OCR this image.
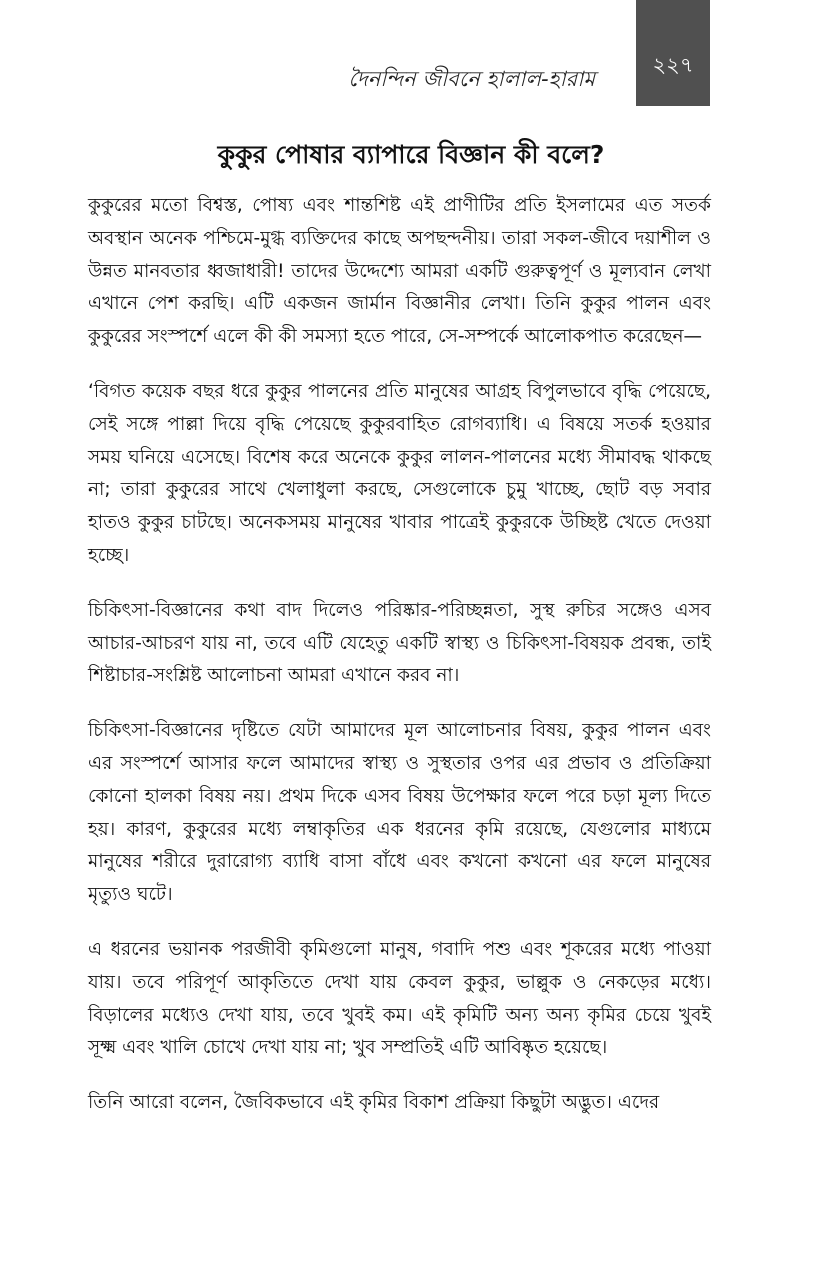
দৈনন্দিন জীবনে হালাল-হারাম
২২৭
কুকুর পোষার ব্যাপারে বিজ্ঞান কী বলে?

কুকুরের মতো বিশ্বস্ত, পোষ্য এবং শান্তশিষ্ট এই প্রাণীটির প্রতি ইসলামের এত সতর্ক অবস্থান অনেক পশ্চিমে-মুগ্ধ ব্যক্তিদের কাছে অপছন্দনীয়। তারা সকল-জীবে দয়াশীল ও উন্নত মানবতার ধ্বজাধারী! তাদের উদ্দেশ্যে আমরা একটি গুরুত্বপূর্ণ ও মূল্যবান লেখা এখানে পেশ করছি। এটি একজন জার্মান বিজ্ঞানীর লেখা। তিনি কুকুর পালন এবং কুকুরের সংস্পর্শে এলে কী কী সমস্যা হতে পারে, সে-সম্পর্কে আলোকপাত করেছেন—

‘বিগত কয়েক বছর ধরে কুকুর পালনের প্রতি মানুষের আগ্রহ বিপুলভাবে বৃদ্ধি পেয়েছে, সেই সঙ্গে পাল্লা দিয়ে বৃদ্ধি পেয়েছে কুকুরবাহিত রোগব্যাধি। এ বিষয়ে সতর্ক হওয়ার সময় ঘনিয়ে এসেছে। বিশেষ করে অনেকে কুকুর লালন-পালনের মধ্যে সীমাবদ্ধ থাকছে না; তারা কুকুরের সাথে খেলাধুলা করছে, সেগুলোকে চুমু খাচ্ছে, ছোট বড় সবার হাতও কুকুর চাটছে। অনেকসময় মানুষের খাবার পাত্রেই কুকুরকে উচ্ছিষ্ট খেতে দেওয়া হচ্ছে।

চিকিৎসা-বিজ্ঞানের কথা বাদ দিলেও পরিষ্কার-পরিচ্ছন্নতা, সুস্থ রুচির সঙ্গেও এসব আচার-আচরণ যায় না, তবে এটি যেহেতু একটি স্বাস্থ্য ও চিকিৎসা-বিষয়ক প্রবন্ধ, তাই শিষ্টাচার-সংশ্লিষ্ট আলোচনা আমরা এখানে করব না।

চিকিৎসা-বিজ্ঞানের দৃষ্টিতে যেটা আমাদের মূল আলোচনার বিষয়, কুকুর পালন এবং এর সংস্পর্শে আসার ফলে আমাদের স্বাস্থ্য ও সুস্থতার ওপর এর প্রভাব ও প্রতিক্রিয়া কোনো হালকা বিষয় নয়। প্রথম দিকে এসব বিষয় উপেক্ষার ফলে পরে চড়া মূল্য দিতে হয়। কারণ, কুকুরের মধ্যে লম্বাকৃতির এক ধরনের কৃমি রয়েছে, যেগুলোর মাধ্যমে মানুষের শরীরে দুরারোগ্য ব্যাধি বাসা বাঁধে এবং কখনো কখনো এর ফলে মানুষের মৃত্যুও ঘটে।

এ ধরনের ভয়ানক পরজীবী কৃমিগুলো মানুষ, গবাদি পশু এবং শূকরের মধ্যে পাওয়া যায়। তবে পরিপূর্ণ আকৃতিতে দেখা যায় কেবল কুকুর, ভাল্লুক ও নেকড়ের মধ্যে। বিড়ালের মধ্যেও দেখা যায়, তবে খুবই কম। এই কৃমিটি অন্য অন্য কৃমির চেয়ে খুবই সূক্ষ্ম এবং খালি চোখে দেখা যায় না; খুব সম্প্রতিই এটি আবিষ্কৃত হয়েছে।

তিনি আরো বলেন, জৈবিকভাবে এই কৃমির বিকাশ প্রক্রিয়া কিছুটা অদ্ভুত। এদের
